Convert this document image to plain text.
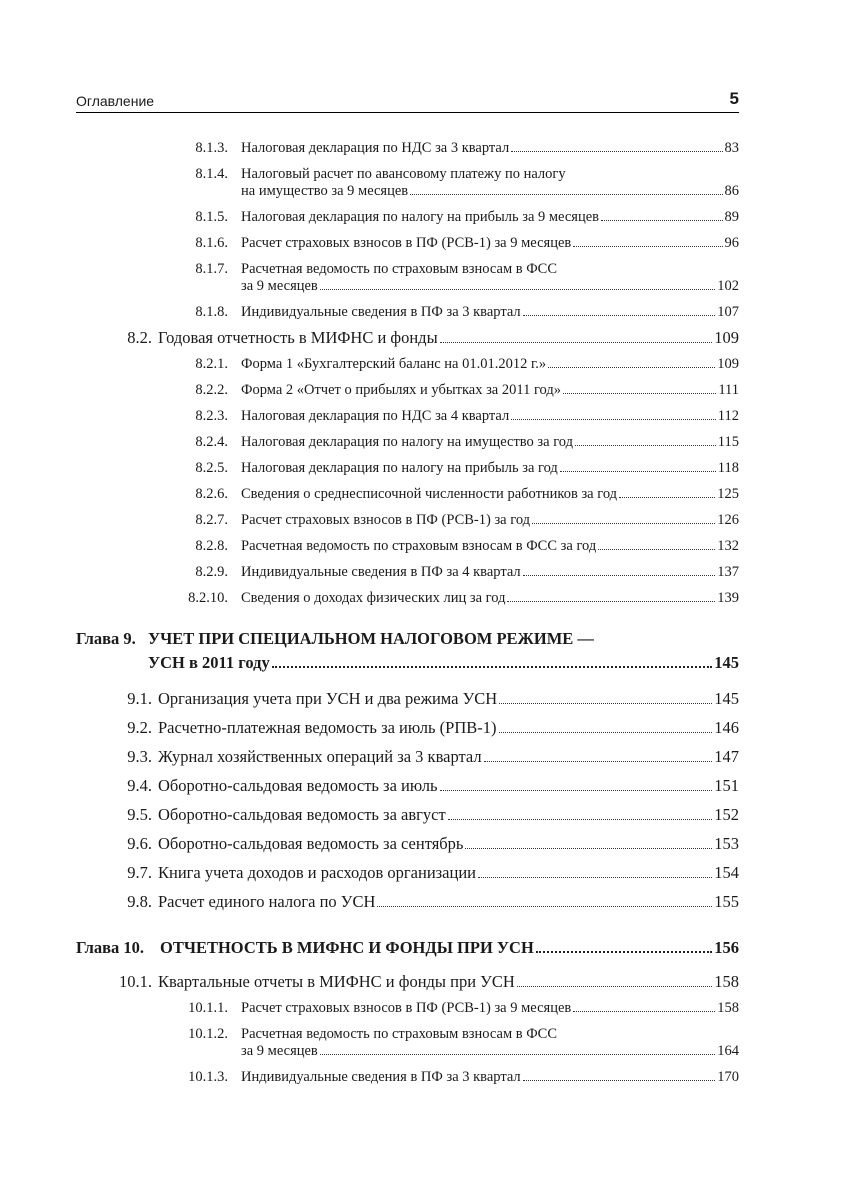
Оглавление	5
8.1.3. Налоговая декларация по НДС за 3 квартал	83
8.1.4. Налоговый расчет по авансовому платежу по налогу
на имущество за 9 месяцев	86
8.1.5. Налоговая декларация по налогу на прибыль за 9 месяцев	89
8.1.6. Расчет страховых взносов в ПФ (РСВ-1) за 9 месяцев	96
8.1.7. Расчетная ведомость по страховым взносам в ФСС
за 9 месяцев	102
8.1.8. Индивидуальные сведения в ПФ за 3 квартал	107
8.2. Годовая отчетность в МИФНС и фонды	109
8.2.1. Форма 1 «Бухгалтерский баланс на 01.01.2012 г.»	109
8.2.2. Форма 2 «Отчет о прибылях и убытках за 2011 год»	111
8.2.3. Налоговая декларация по НДС за 4 квартал	112
8.2.4. Налоговая декларация по налогу на имущество за год	115
8.2.5. Налоговая декларация по налогу на прибыль за год	118
8.2.6. Сведения о среднесписочной численности работников за год	125
8.2.7. Расчет страховых взносов в ПФ (РСВ-1) за год	126
8.2.8. Расчетная ведомость по страховым взносам в ФСС за год	132
8.2.9. Индивидуальные сведения в ПФ за 4 квартал	137
8.2.10. Сведения о доходах физических лиц за год	139
Глава 9. УЧЕТ ПРИ СПЕЦИАЛЬНОМ НАЛОГОВОМ РЕЖИМЕ —
УСН в 2011 году	145
9.1. Организация учета при УСН и два режима УСН	145
9.2. Расчетно-платежная ведомость за июль (РПВ-1)	146
9.3. Журнал хозяйственных операций за 3 квартал	147
9.4. Оборотно-сальдовая ведомость за июль	151
9.5. Оборотно-сальдовая ведомость за август	152
9.6. Оборотно-сальдовая ведомость за сентябрь	153
9.7. Книга учета доходов и расходов организации	154
9.8. Расчет единого налога по УСН	155
Глава 10. ОТЧЕТНОСТЬ В МИФНС И ФОНДЫ ПРИ УСН	156
10.1. Квартальные отчеты в МИФНС и фонды при УСН	158
10.1.1. Расчет страховых взносов в ПФ (РСВ-1) за 9 месяцев	158
10.1.2. Расчетная ведомость по страховым взносам в ФСС
за 9 месяцев	164
10.1.3. Индивидуальные сведения в ПФ за 3 квартал	170
